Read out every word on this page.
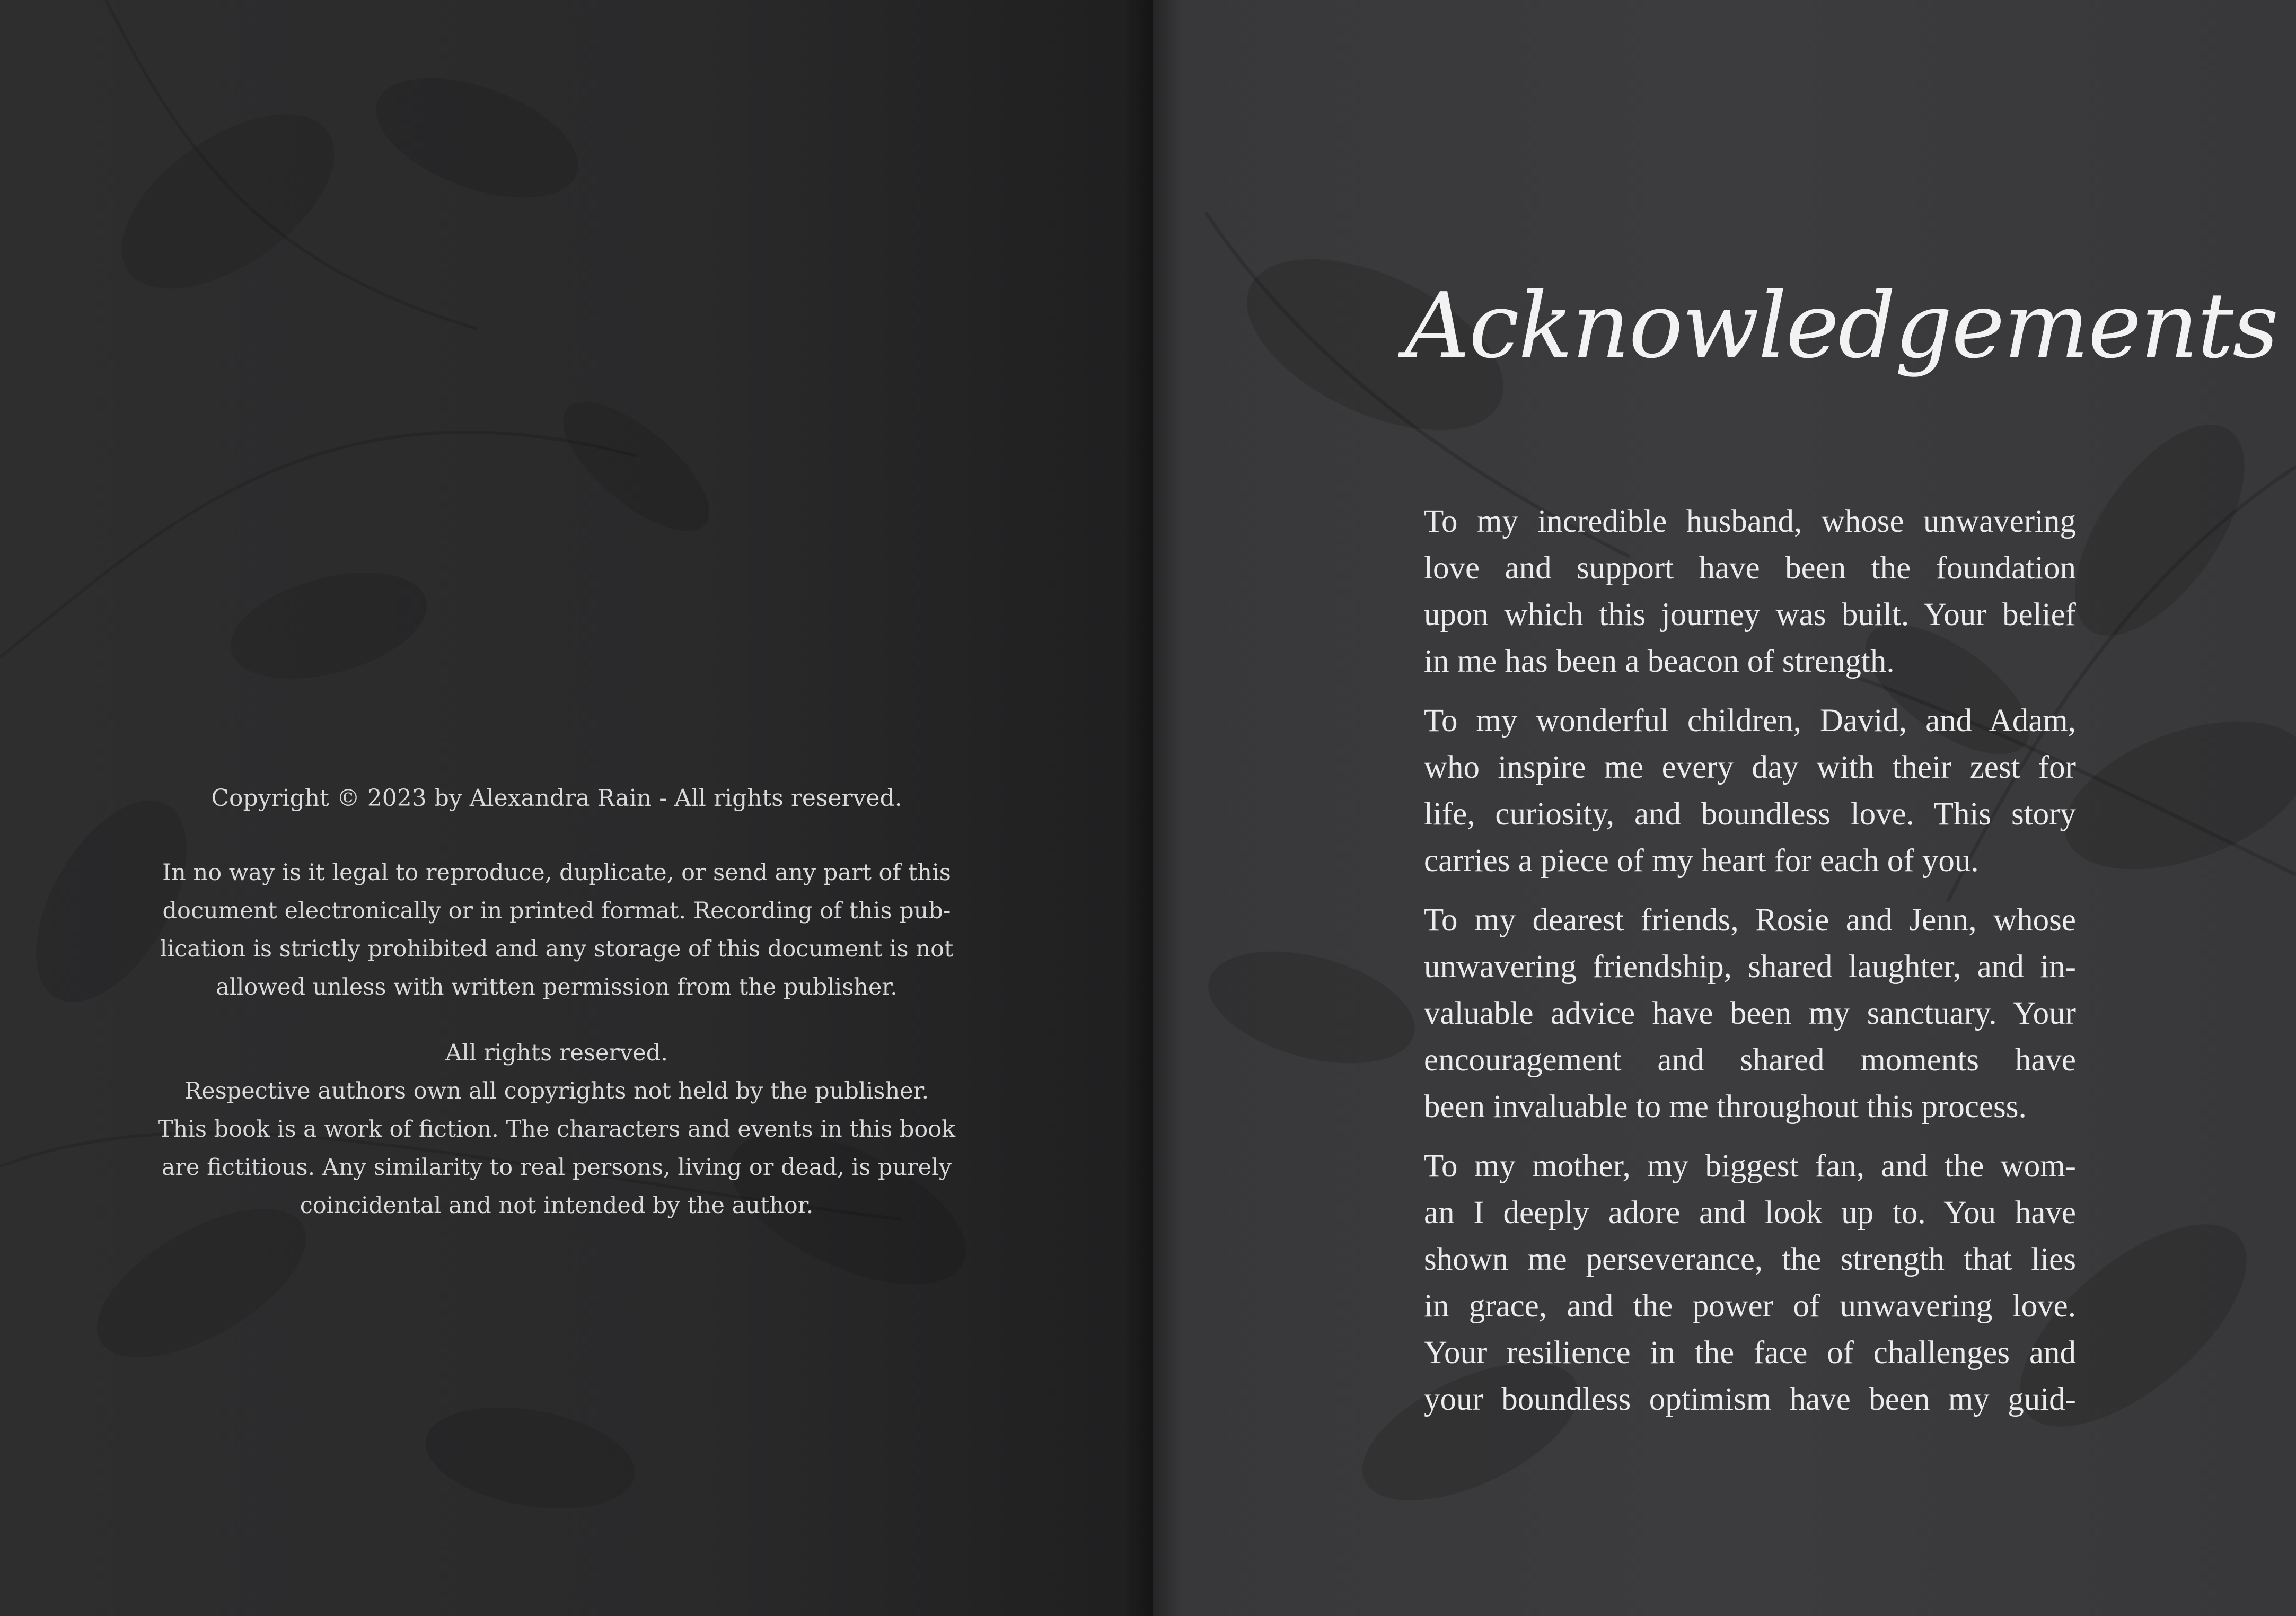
Copyright © 2023 by Alexandra Rain - All rights reserved.

In no way is it legal to reproduce, duplicate, or send any part of this
document electronically or in printed format. Recording of this pub-
lication is strictly prohibited and any storage of this document is not
allowed unless with written permission from the publisher.

All rights reserved.
Respective authors own all copyrights not held by the publisher.
This book is a work of fiction. The characters and events in this book
are fictitious. Any similarity to real persons, living or dead, is purely
coincidental and not intended by the author.

Acknowledgements

To my incredible husband, whose unwavering
love and support have been the foundation
upon which this journey was built. Your belief
in me has been a beacon of strength.

To my wonderful children, David, and Adam,
who inspire me every day with their zest for
life, curiosity, and boundless love. This story
carries a piece of my heart for each of you.

To my dearest friends, Rosie and Jenn, whose
unwavering friendship, shared laughter, and in-
valuable advice have been my sanctuary. Your
encouragement and shared moments have
been invaluable to me throughout this process.

To my mother, my biggest fan, and the wom-
an I deeply adore and look up to. You have
shown me perseverance, the strength that lies
in grace, and the power of unwavering love.
Your resilience in the face of challenges and
your boundless optimism have been my guid-
